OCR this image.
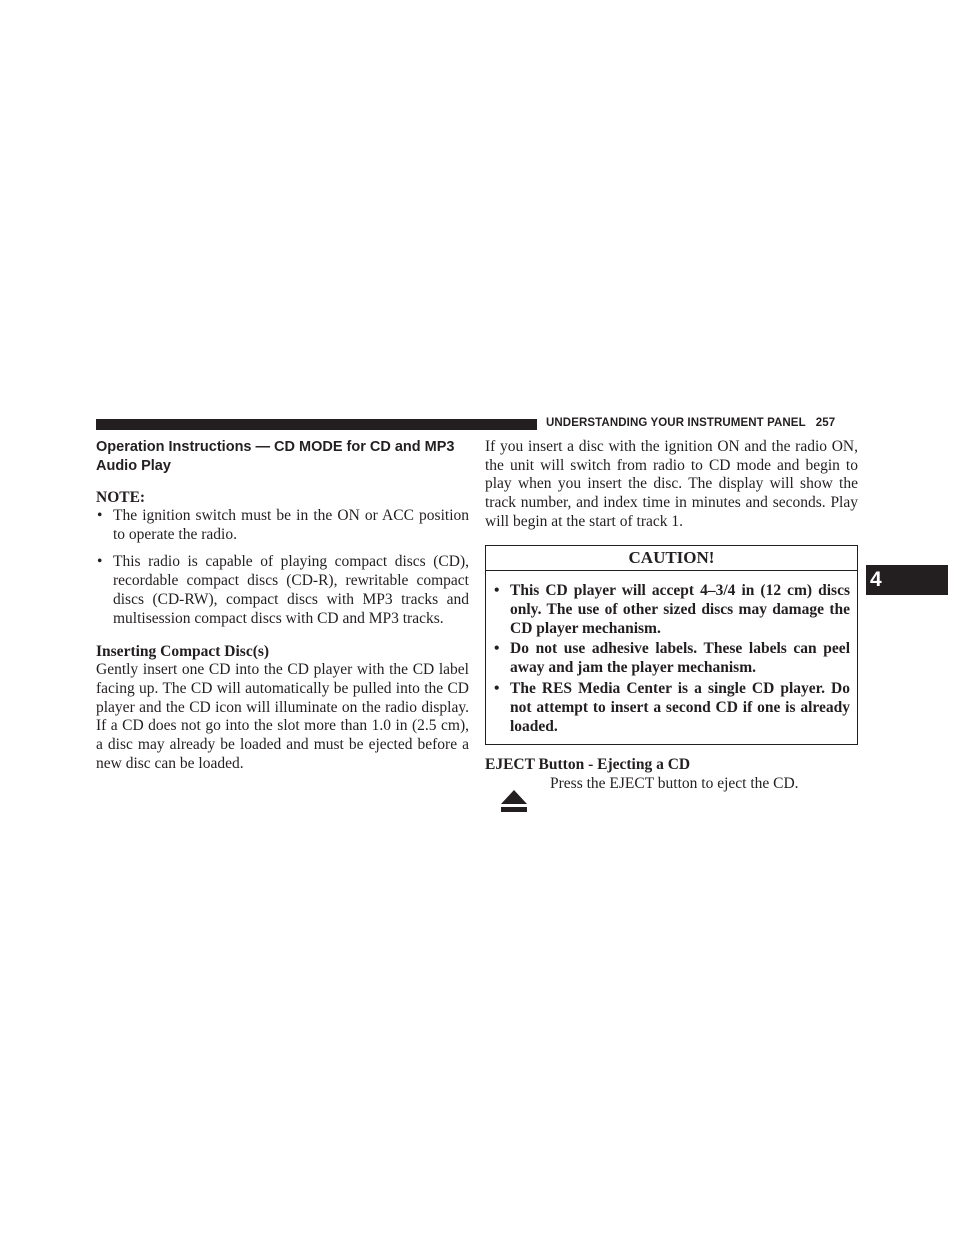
UNDERSTANDING YOUR INSTRUMENT PANEL 257
4
Operation Instructions — CD MODE for CD and MP3 Audio Play

NOTE:

• The ignition switch must be in the ON or ACC position to operate the radio.
• This radio is capable of playing compact discs (CD), recordable compact discs (CD-R), rewritable compact discs (CD-RW), compact discs with MP3 tracks and multisession compact discs with CD and MP3 tracks.

Inserting Compact Disc(s)

Gently insert one CD into the CD player with the CD label facing up. The CD will automatically be pulled into the CD player and the CD icon will illuminate on the radio display. If a CD does not go into the slot more than 1.0 in (2.5 cm), a disc may already be loaded and must be ejected before a new disc can be loaded.

If you insert a disc with the ignition ON and the radio ON, the unit will switch from radio to CD mode and begin to play when you insert the disc. The display will show the track number, and index time in minutes and seconds. Play will begin at the start of track 1.

CAUTION!
• This CD player will accept 4–3/4 in (12 cm) discs only. The use of other sized discs may damage the CD player mechanism.
• Do not use adhesive labels. These labels can peel away and jam the player mechanism.
• The RES Media Center is a single CD player. Do not attempt to insert a second CD if one is already loaded.

EJECT Button - Ejecting a CD

Press the EJECT button to eject the CD.
